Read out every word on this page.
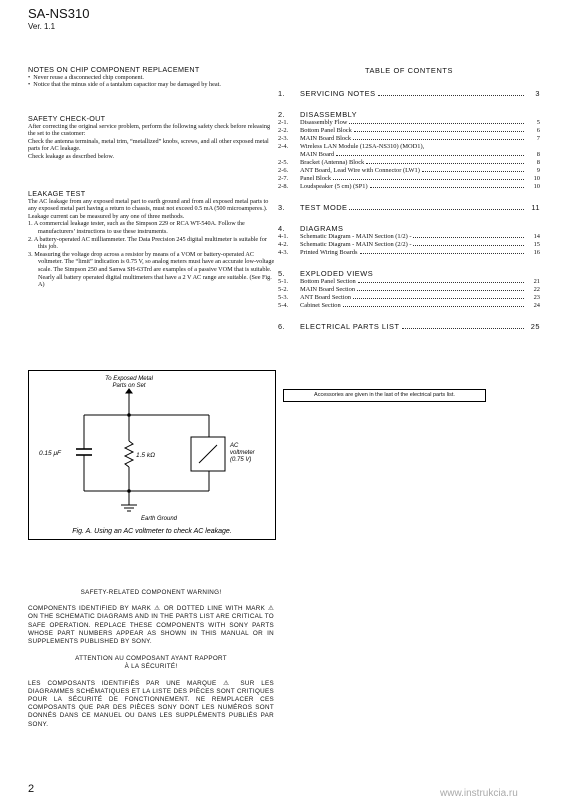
SA-NS310
Ver. 1.1

NOTES ON CHIP COMPONENT REPLACEMENT

•  Never reuse a disconnected chip component.

•  Notice that the minus side of a tantalum capacitor may be damaged by heat.

SAFETY CHECK-OUT

After correcting the original service problem, perform the following safety check before releasing the set to the customer:

Check the antenna terminals, metal trim, “metallized” knobs, screws, and all other exposed metal parts for AC leakage.

Check leakage as described below.

LEAKAGE TEST

The AC leakage from any exposed metal part to earth ground and from all exposed metal parts to any exposed metal part having a return to chassis, must not exceed 0.5 mA (500 microamperes.). Leakage current can be measured by any one of three methods.

1. A commercial leakage tester, such as the Simpson 229 or RCA WT-540A. Follow the manufacturers’ instructions to use these instruments.

2. A battery-operated AC milliammeter. The Data Precision 245 digital multimeter is suitable for this job.

3. Measuring the voltage drop across a resistor by means of a VOM or battery-operated AC voltmeter. The “limit” indication is 0.75 V, so analog meters must have an accurate low-voltage scale. The Simpson 250 and Sanwa SH-63Trd are examples of a passive VOM that is suitable. Nearly all battery operated digital multimeters that have a 2 V AC range are suitable. (See Fig. A)

To Exposed Metal
Parts on Set
0.15 μF	1.5 kΩ
AC
voltmeter
(0.75 V)
Earth Ground
Fig. A. Using an AC voltmeter to check AC leakage.
TABLE OF CONTENTS
1.	SERVICING NOTES	3
2.	DISASSEMBLY
2-1.	Disassembly Flow	5
2-2.	Bottom Panel Block	6
2-3.	MAIN Board Block	7
2-4.	Wireless LAN Module (12SA-NS310) (MOD1),
MAIN Board	8
2-5.	Bracket (Antenna) Block	8
2-6.	ANT Board, Lead Wire with Connector (LW1)	9
2-7.	Panel Block	10
2-8.	Loudspeaker (5 cm) (SP1)	10
3.	TEST MODE	11
4.	DIAGRAMS
4-1.	Schematic Diagram - MAIN Section (1/2) -	14
4-2.	Schematic Diagram - MAIN Section (2/2) -	15
4-3.	Printed Wiring Boards	16
5.	EXPLODED VIEWS
5-1.	Bottom Panel Section	21
5-2.	MAIN Board Section	22
5-3.	ANT Board Section	23
5-4.	Cabinet Section	24
6.	ELECTRICAL PARTS LIST	25
Accessories are given in the last of the electrical parts list.
SAFETY-RELATED COMPONENT WARNING!
COMPONENTS IDENTIFIED BY MARK ⚠ OR DOTTED LINE WITH MARK ⚠ ON THE SCHEMATIC DIAGRAMS AND IN THE PARTS LIST ARE CRITICAL TO SAFE OPERATION. REPLACE THESE COMPONENTS WITH SONY PARTS WHOSE PART NUMBERS APPEAR AS SHOWN IN THIS MANUAL OR IN SUPPLEMENTS PUBLISHED BY SONY.
ATTENTION AU COMPOSANT AYANT RAPPORT
À LA SÉCURITÉ!
LES COMPOSANTS IDENTIFIÉS PAR UNE MARQUE ⚠ SUR LES DIAGRAMMES SCHÉMATIQUES ET LA LISTE DES PIÈCES SONT CRITIQUES POUR LA SÉCURITÉ DE FONCTIONNEMENT. NE REMPLACER CES COMPOSANTS QUE PAR DES PIÈCES SONY DONT LES NUMÉROS SONT DONNÉS DANS CE MANUEL OU DANS LES SUPPLÉMENTS PUBLIÉS PAR SONY.
2	www.instrukcia.ru
